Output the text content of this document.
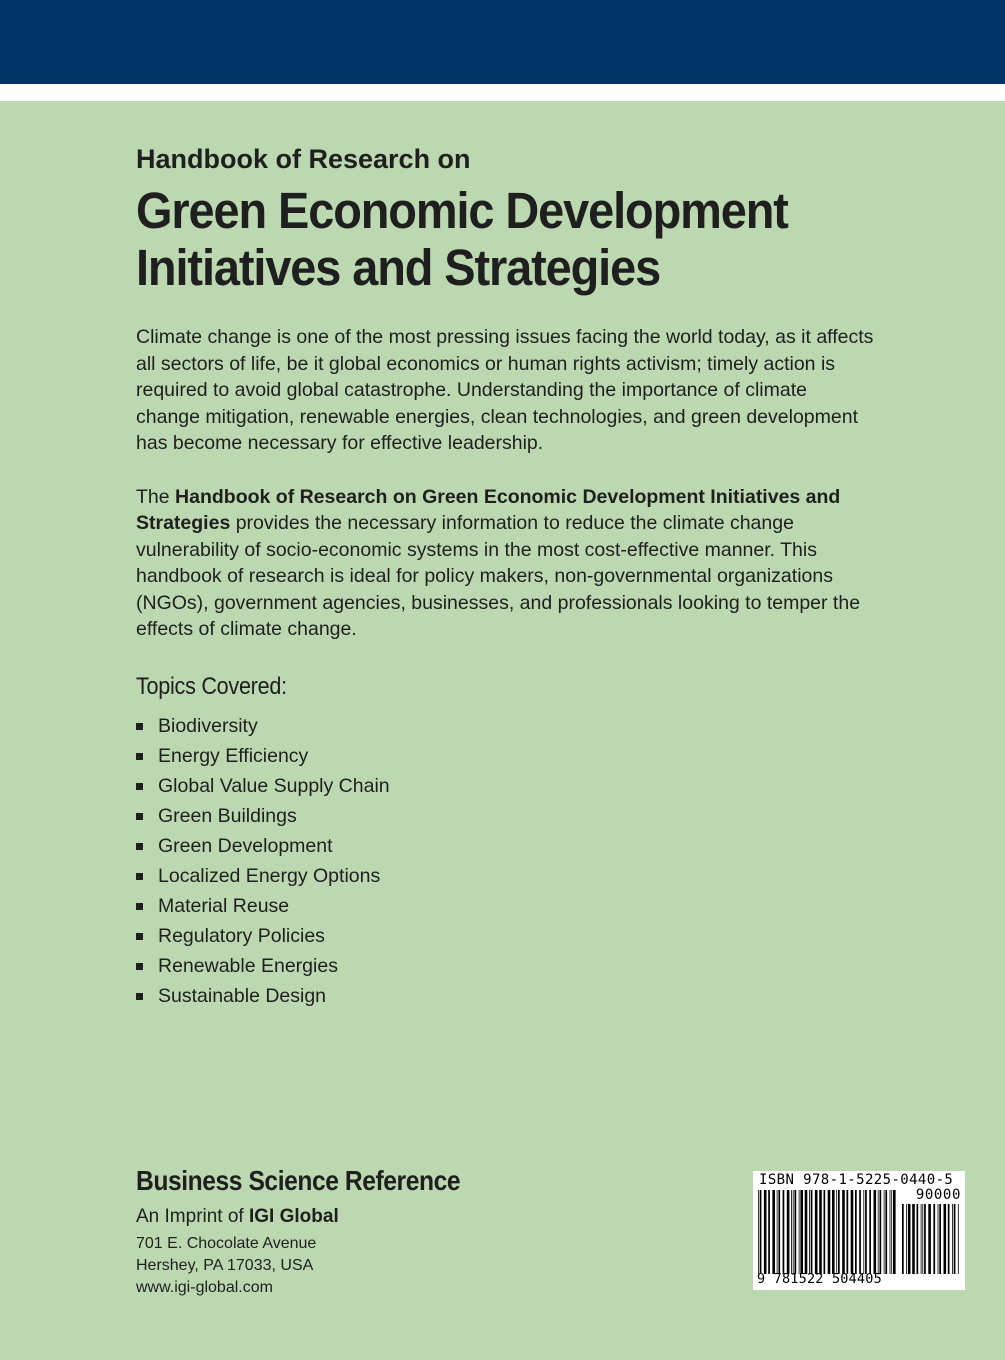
Handbook of Research on
Green Economic Development
Initiatives and Strategies

Climate change is one of the most pressing issues facing the world today, as it affects all sectors of life, be it global economics or human rights activism; timely action is required to avoid global catastrophe. Understanding the importance of climate change mitigation, renewable energies, clean technologies, and green development has become necessary for effective leadership.

The Handbook of Research on Green Economic Development Initiatives and Strategies provides the necessary information to reduce the climate change vulnerability of socio-economic systems in the most cost-effective manner. This handbook of research is ideal for policy makers, non-governmental organizations (NGOs), government agencies, businesses, and professionals looking to temper the effects of climate change.

Topics Covered:
Biodiversity
Energy Efficiency
Global Value Supply Chain
Green Buildings
Green Development
Localized Energy Options
Material Reuse
Regulatory Policies
Renewable Energies
Sustainable Design
Business Science Reference
An Imprint of IGI Global
701 E. Chocolate Avenue
Hershey, PA 17033, USA
www.igi-global.com
ISBN 978-1-5225-0440-5
90000
9 781522 504405
